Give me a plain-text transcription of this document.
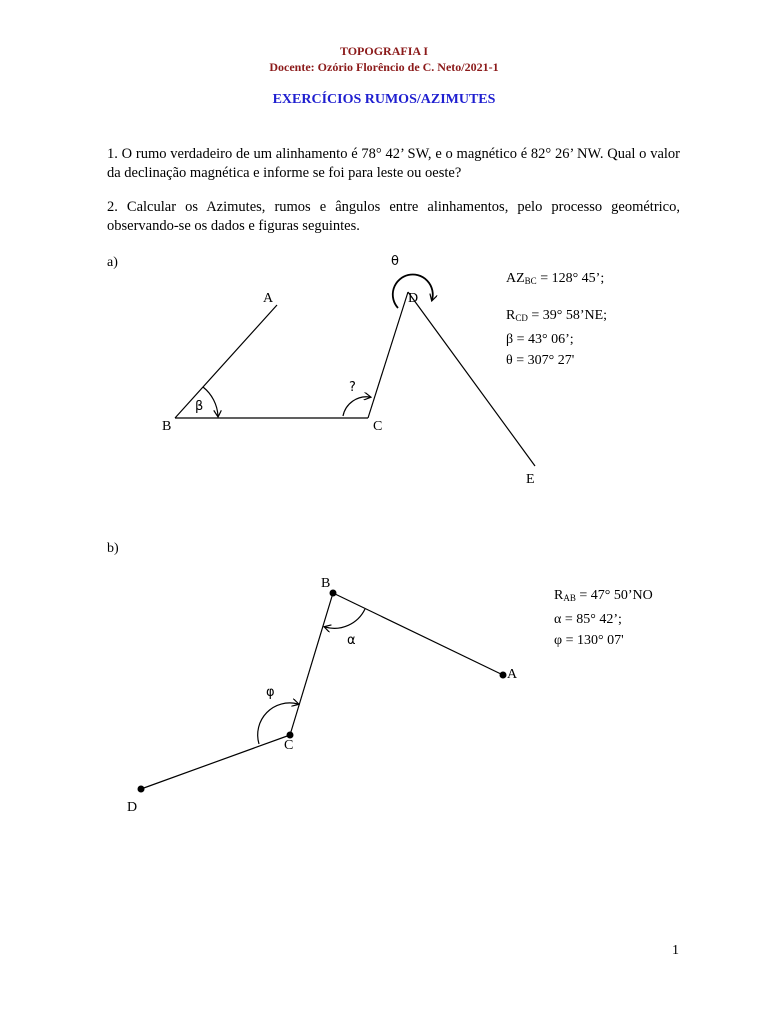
TOPOGRAFIA I
Docente: Ozório Florêncio de C. Neto/2021-1
EXERCÍCIOS RUMOS/AZIMUTES
1. O rumo verdadeiro de um alinhamento é 78° 42’ SW, e o magnético é 82° 26’ NW. Qual o valor da declinação magnética e informe se foi para leste ou oeste?
2. Calcular os Azimutes, rumos e ângulos entre alinhamentos, pelo processo geométrico, observando-se os dados e figuras seguintes.
a)
A
B	C
D
E
β
?
θ
$AZ_{BC} = 128^\circ$ 45’;
$R_{CD} = 39^\circ$ 58’NE;
β = 43° 06’;
θ = 307° 27'
b)
B
A
C
D
α
φ
$R_{AB} = 47^\circ$ 50’NO
α = 85° 42’;
φ = 130° 07'
1
